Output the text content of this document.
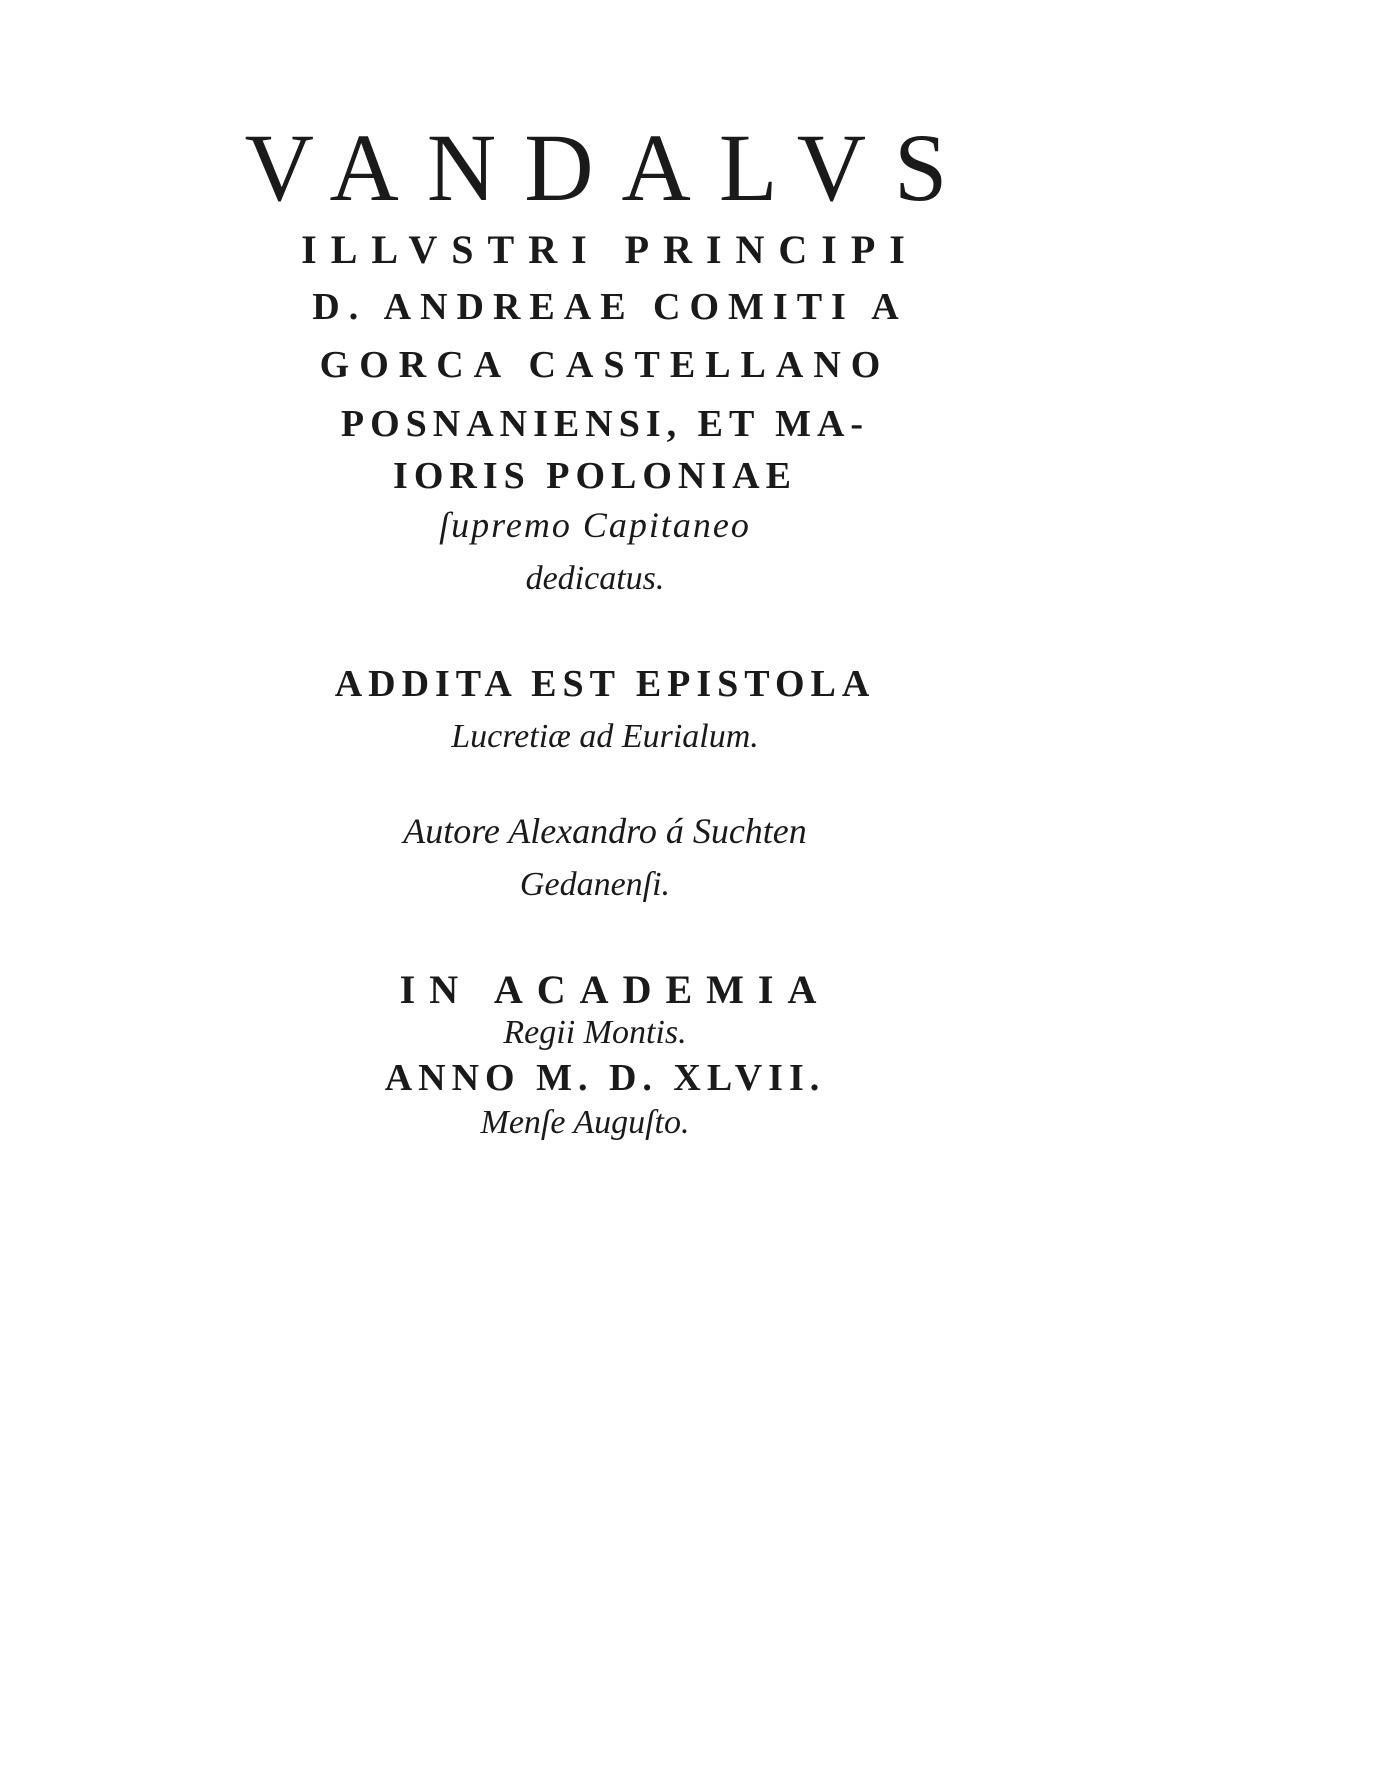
VANDALVS
ILLVSTRI PRINCIPI
D. ANDREAE COMITI A
GORCA CASTELLANO
POSNANIENSI, ET MA-
IORIS POLONIAE
ſupremo Capitaneo
dedicatus.
ADDITA EST EPISTOLA
Lucretiæ ad Eurialum.
Autore Alexandro á Suchten
Gedanenſi.
IN ACADEMIA
Regii Montis.
ANNO M. D. XLVII.
Menſe Auguſto.
